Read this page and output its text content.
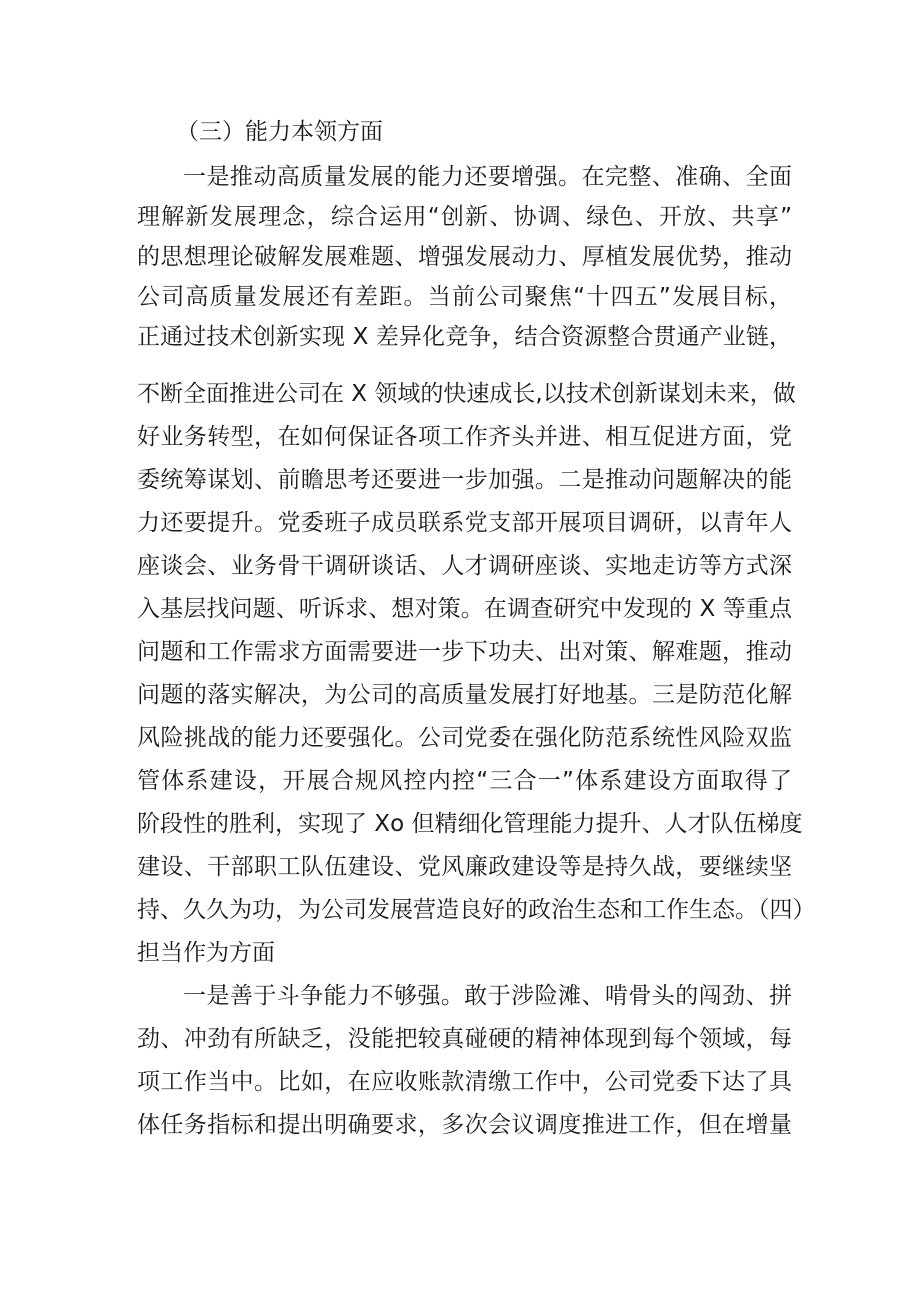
（三）能力本领方面
一是推动高质量发展的能力还要增强。在完整、准确、全面
理解新发展理念，综合运用“创新、协调、绿色、开放、共享”
的思想理论破解发展难题、增强发展动力、厚植发展优势，推动
公司高质量发展还有差距。当前公司聚焦“十四五”发展目标，
正通过技术创新实现 X 差异化竞争，结合资源整合贯通产业链，
不断全面推进公司在 X 领域的快速成长,以技术创新谋划未来，做
好业务转型，在如何保证各项工作齐头并进、相互促进方面，党
委统筹谋划、前瞻思考还要进一步加强。二是推动问题解决的能
力还要提升。党委班子成员联系党支部开展项目调研，以青年人
座谈会、业务骨干调研谈话、人才调研座谈、实地走访等方式深
入基层找问题、听诉求、想对策。在调查研究中发现的 X 等重点
问题和工作需求方面需要进一步下功夫、出对策、解难题，推动
问题的落实解决，为公司的高质量发展打好地基。三是防范化解
风险挑战的能力还要强化。公司党委在强化防范系统性风险双监
管体系建设，开展合规风控内控“三合一”体系建设方面取得了
阶段性的胜利，实现了 Xo 但精细化管理能力提升、人才队伍梯度
建设、干部职工队伍建设、党风廉政建设等是持久战，要继续坚
持、久久为功，为公司发展营造良好的政治生态和工作生态。（四）
担当作为方面
一是善于斗争能力不够强。敢于涉险滩、啃骨头的闯劲、拼
劲、冲劲有所缺乏，没能把较真碰硬的精神体现到每个领域，每
项工作当中。比如，在应收账款清缴工作中，公司党委下达了具
体任务指标和提出明确要求，多次会议调度推进工作，但在增量
